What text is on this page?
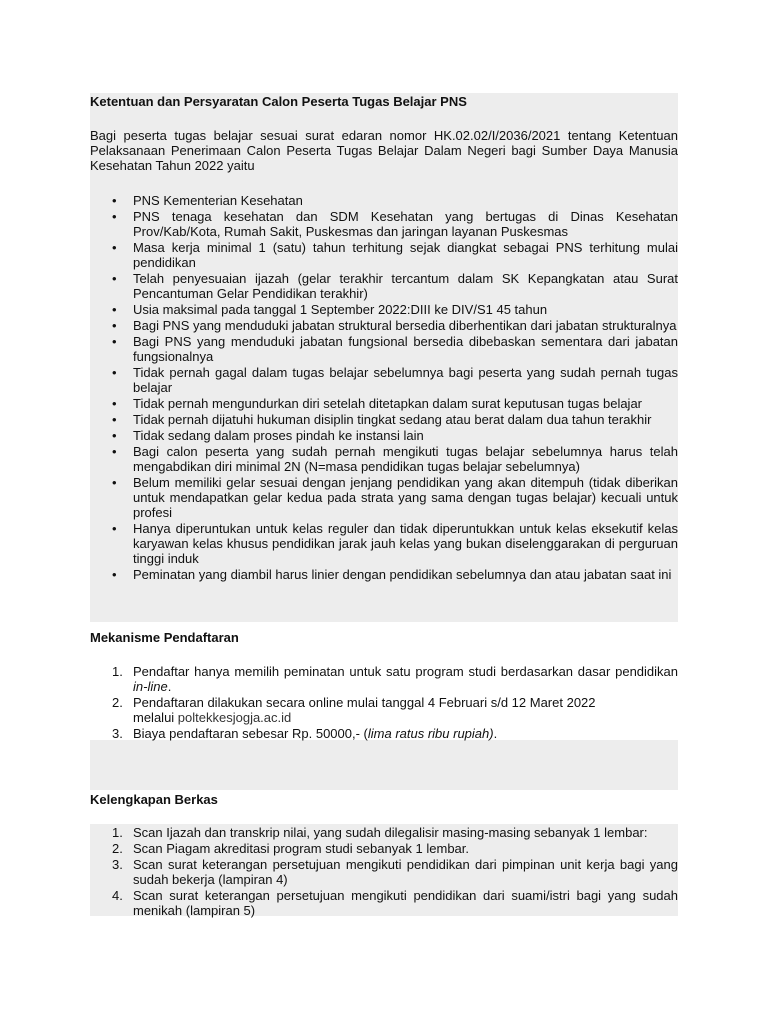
Ketentuan dan Persyaratan Calon Peserta Tugas Belajar PNS

Bagi peserta tugas belajar sesuai surat edaran nomor HK.02.02/I/2036/2021 tentang Ketentuan Pelaksanaan Penerimaan Calon Peserta Tugas Belajar Dalam Negeri bagi Sumber Daya Manusia Kesehatan Tahun 2022 yaitu

• PNS Kementerian Kesehatan
• PNS tenaga kesehatan dan SDM Kesehatan yang bertugas di Dinas Kesehatan Prov/Kab/Kota, Rumah Sakit, Puskesmas dan jaringan layanan Puskesmas
• Masa kerja minimal 1 (satu) tahun terhitung sejak diangkat sebagai PNS terhitung mulai pendidikan
• Telah penyesuaian ijazah (gelar terakhir tercantum dalam SK Kepangkatan atau Surat Pencantuman Gelar Pendidikan terakhir)
• Usia maksimal pada tanggal 1 September 2022:DIII ke DIV/S1 45 tahun
• Bagi PNS yang menduduki jabatan struktural bersedia diberhentikan dari jabatan strukturalnya
• Bagi PNS yang menduduki jabatan fungsional bersedia dibebaskan sementara dari jabatan fungsionalnya
• Tidak pernah gagal dalam tugas belajar sebelumnya bagi peserta yang sudah pernah tugas belajar
• Tidak pernah mengundurkan diri setelah ditetapkan dalam surat keputusan tugas belajar
• Tidak pernah dijatuhi hukuman disiplin tingkat sedang atau berat dalam dua tahun terakhir
• Tidak sedang dalam proses pindah ke instansi lain
• Bagi calon peserta yang sudah pernah mengikuti tugas belajar sebelumnya harus telah mengabdikan diri minimal 2N (N=masa pendidikan tugas belajar sebelumnya)
• Belum memiliki gelar sesuai dengan jenjang pendidikan yang akan ditempuh (tidak diberikan untuk mendapatkan gelar kedua pada strata yang sama dengan tugas belajar) kecuali untuk profesi
• Hanya diperuntukan untuk kelas reguler dan tidak diperuntukkan untuk kelas eksekutif kelas karyawan kelas khusus pendidikan jarak jauh kelas yang bukan diselenggarakan di perguruan tinggi induk
• Peminatan yang diambil harus linier dengan pendidikan sebelumnya dan atau jabatan saat ini
Mekanisme Pendaftaran
1. Pendaftar hanya memilih peminatan untuk satu program studi berdasarkan dasar pendidikan in-line.
2. Pendaftaran dilakukan secara online mulai tanggal 4 Februari s/d 12 Maret 2022
melalui poltekkesjogja.ac.id
3. Biaya pendaftaran sebesar Rp. 50000,- (lima ratus ribu rupiah).
Kelengkapan Berkas
1. Scan Ijazah dan transkrip nilai, yang sudah dilegalisir masing-masing sebanyak 1 lembar:
2. Scan Piagam akreditasi program studi sebanyak 1 lembar.
3. Scan surat keterangan persetujuan mengikuti pendidikan dari pimpinan unit kerja bagi yang sudah bekerja (lampiran 4)
4. Scan surat keterangan persetujuan mengikuti pendidikan dari suami/istri bagi yang sudah menikah (lampiran 5)
